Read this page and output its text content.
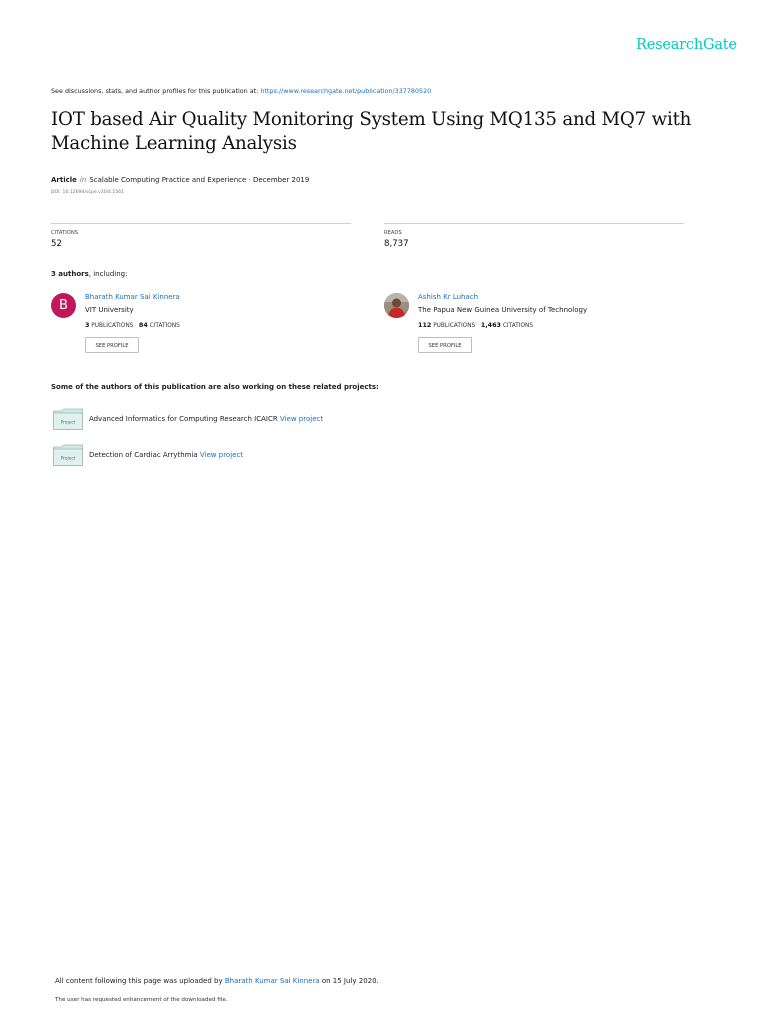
ResearchGate
See discussions, stats, and author profiles for this publication at: https://www.researchgate.net/publication/337780520
IOT based Air Quality Monitoring System Using MQ135 and MQ7 with Machine Learning Analysis
Article in Scalable Computing Practice and Experience · December 2019
DOI: 10.12694/scpe.v20i4.1561
CITATIONS
52
READS
8,737
3 authors, including:
B
Bharath Kumar Sai Kinnera
VIT University
3 PUBLICATIONS 84 CITATIONS
SEE PROFILE
Ashish Kr Luhach
The Papua New Guinea University of Technology
112 PUBLICATIONS 1,463 CITATIONS
SEE PROFILE
Some of the authors of this publication are also working on these related projects:
Project Advanced Informatics for Computing Research ICAICR View project
Project Detection of Cardiac Arrythmia View project
All content following this page was uploaded by Bharath Kumar Sai Kinnera on 15 July 2020.
The user has requested enhancement of the downloaded file.
